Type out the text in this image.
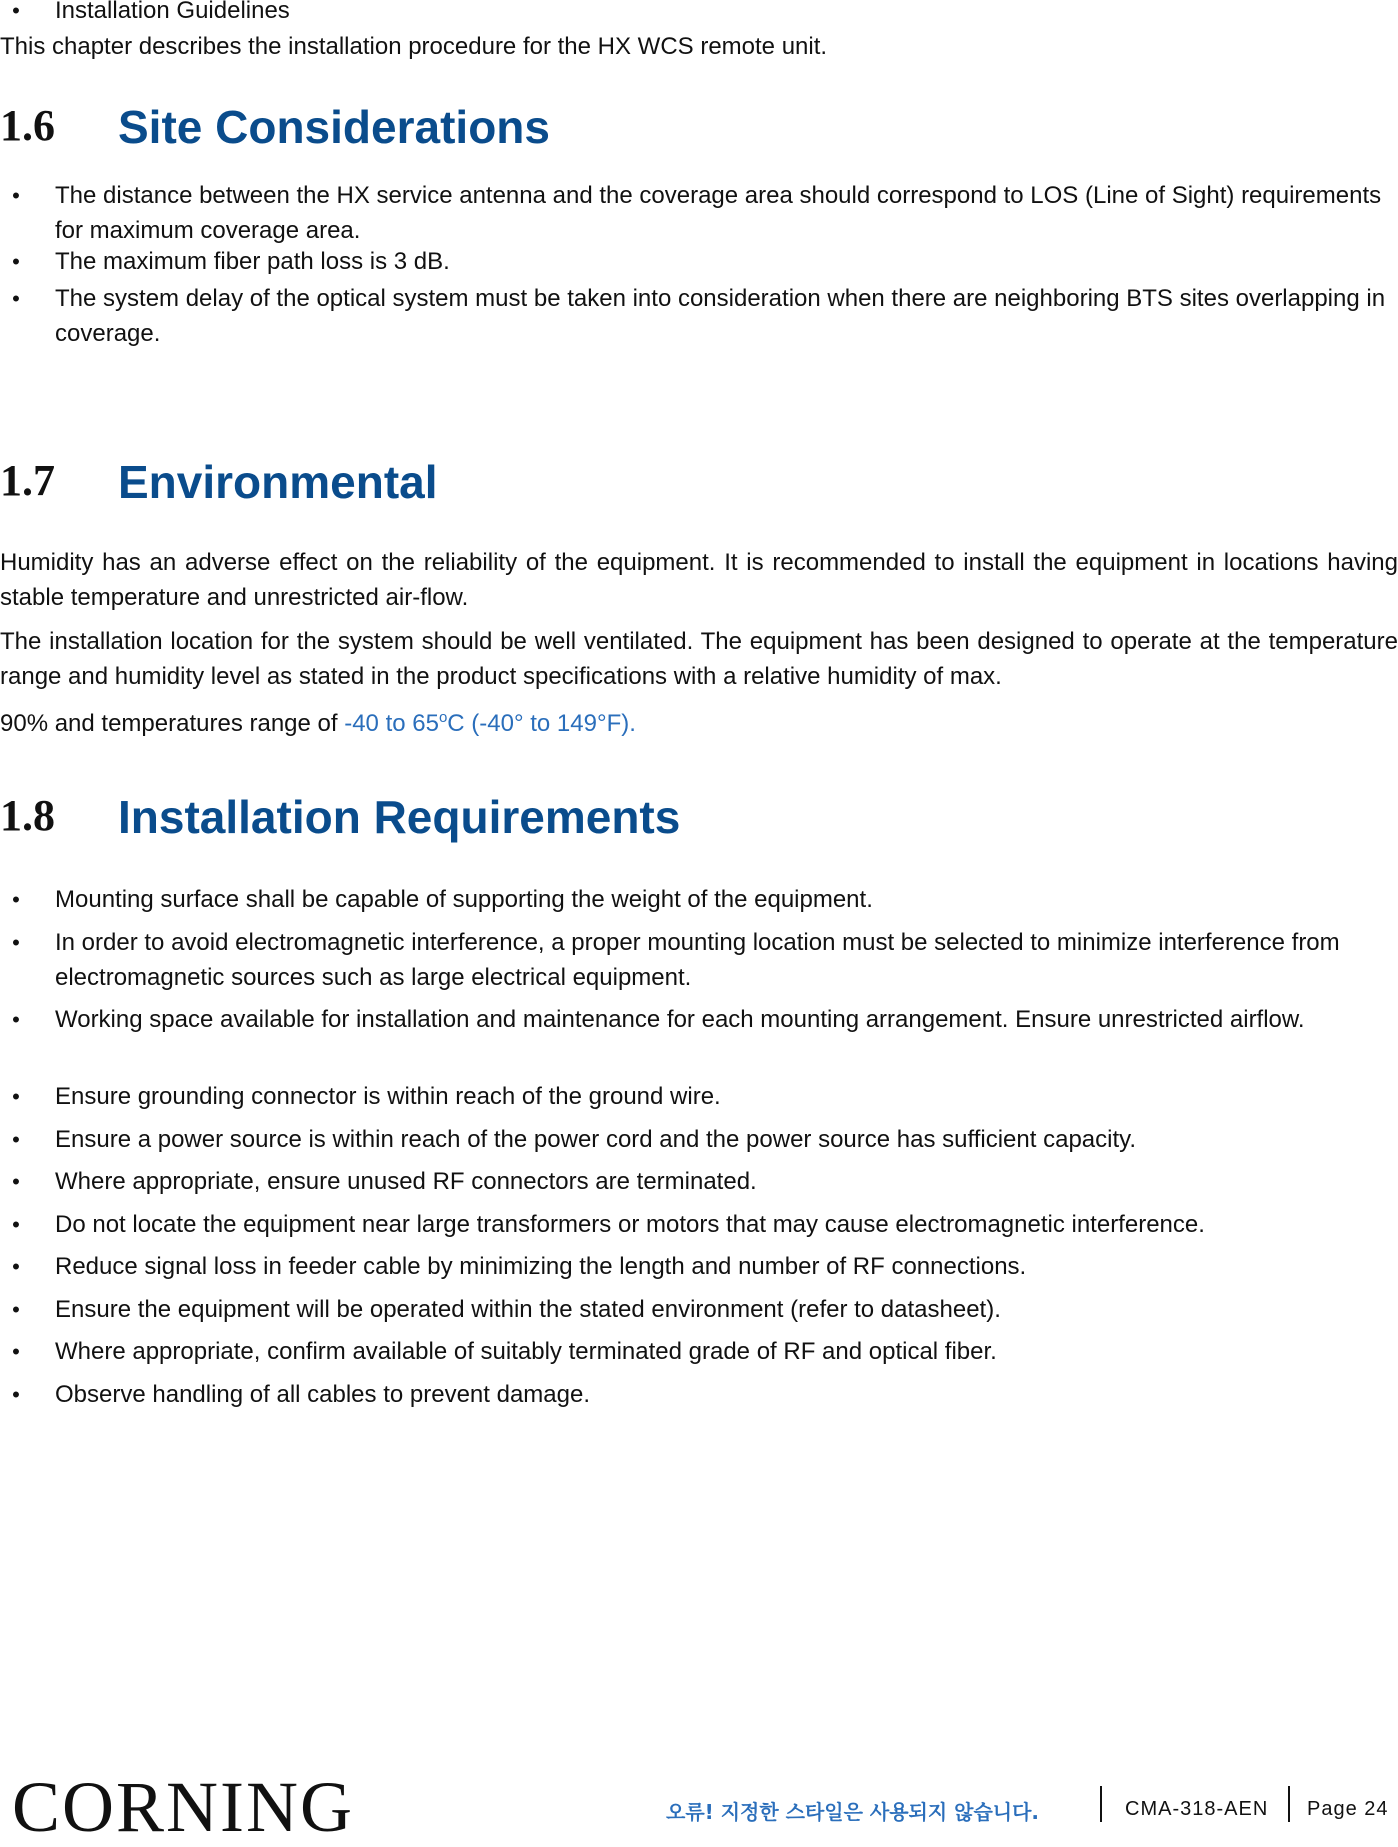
• Installation Guidelines
This chapter describes the installation procedure for the HX WCS remote unit.
1.6 Site Considerations
• The distance between the HX service antenna and the coverage area should correspond to LOS (Line of Sight) requirements for maximum coverage area.
• The maximum fiber path loss is 3 dB.
• The system delay of the optical system must be taken into consideration when there are neighboring BTS sites overlapping in coverage.
1.7 Environmental
Humidity has an adverse effect on the reliability of the equipment. It is recommended to install the equipment in locations having stable temperature and unrestricted air-flow.
The installation location for the system should be well ventilated. The equipment has been designed to operate at the temperature range and humidity level as stated in the product specifications with a relative humidity of max.
90% and temperatures range of -40 to 65$^o$C (-40° to 149°F).
1.8 Installation Requirements
• Mounting surface shall be capable of supporting the weight of the equipment.
• In order to avoid electromagnetic interference, a proper mounting location must be selected to minimize interference from electromagnetic sources such as large electrical equipment.
• Working space available for installation and maintenance for each mounting arrangement. Ensure unrestricted airflow.
• Ensure grounding connector is within reach of the ground wire.
• Ensure a power source is within reach of the power cord and the power source has sufficient capacity.
• Where appropriate, ensure unused RF connectors are terminated.
• Do not locate the equipment near large transformers or motors that may cause electromagnetic interference.
• Reduce signal loss in feeder cable by minimizing the length and number of RF connections.
• Ensure the equipment will be operated within the stated environment (refer to datasheet).
• Where appropriate, confirm available of suitably terminated grade of RF and optical fiber.
• Observe handling of all cables to prevent damage.
CORNING	오류! 지정한 스타일은 사용되지 않습니다.	CMA-318-AEN Page 24
